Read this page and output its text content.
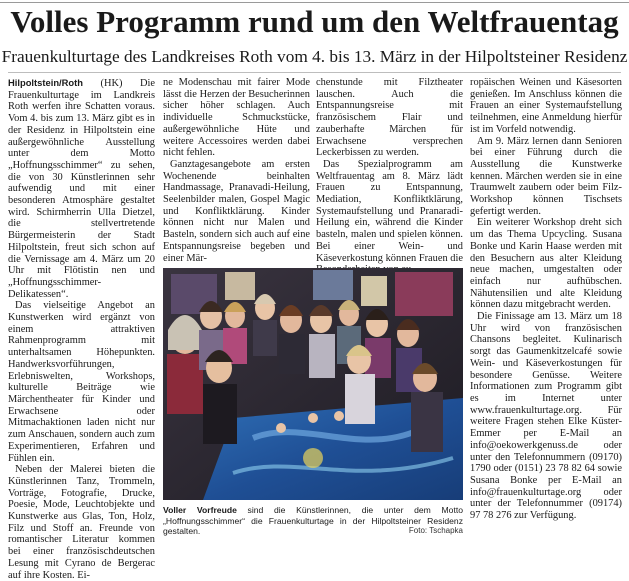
Volles Programm rund um den Weltfrauentag
Frauenkulturtage des Landkreises Roth vom 4. bis 13. März in der Hilpoltsteiner Residenz

Hilpoltstein/Roth (HK) Die Frauenkulturtage im Landkreis Roth werfen ihre Schatten voraus. Vom 4. bis zum 13. März gibt es in der Residenz in Hilpoltstein eine außergewöhnliche Ausstellung unter dem Motto „Hoffnungsschimmer“ zu sehen, die von 30 Künstlerinnen sehr aufwendig und mit einer besonderen Atmosphäre gestaltet wird. Schirmherrin Ulla Dietzel, die stellvertretende Bürgermeisterin der Stadt Hilpoltstein, freut sich schon auf die Vernissage am 4. März um 20 Uhr mit Flötistin nen und „Hoffnungsschimmer-Delikatessen“.

Das vielseitige Angebot an Kunstwerken wird ergänzt von einem attraktiven Rahmenprogramm mit unterhaltsamen Höhepunkten. Handwerksvorführungen, Erlebniswelten, Workshops, kulturelle Beiträge wie Märchentheater für Kinder und Erwachsene oder Mitmachaktionen laden nicht nur zum Anschauen, sondern auch zum Experimentieren, Erfahren und Fühlen ein.

Neben der Malerei bieten die Künstlerinnen Tanz, Trommeln, Vorträge, Fotografie, Drucke, Poesie, Mode, Leuchtobjekte und Kunstwerke aus Glas, Ton, Holz, Filz und Stoff an. Freunde von romantischer Literatur kommen bei einer französischdeutschen Lesung mit Cyrano de Bergerac auf ihre Kosten. Ei-

ne Modenschau mit fairer Mode lässt die Herzen der Besucherinnen sicher höher schlagen. Auch individuelle Schmuckstücke, außergewöhnliche Hüte und weitere Accessoires werden dabei nicht fehlen.

Ganztagesangebote am ersten Wochenende beinhalten Handmassage, Pranavadi-Heilung, Seelenbilder malen, Gospel Magic und Konfliktklärung. Kinder können nicht nur Malen und Basteln, sondern sich auch auf eine Entspannungsreise begeben und einer Mär-

chenstunde mit Filztheater lauschen. Auch die Entspannungsreise mit französischem Flair und zauberhafte Märchen für Erwachsene versprechen Leckerbissen zu werden.

Das Spezialprogramm am Weltfrauentag am 8. März lädt Frauen zu Entspannung, Mediation, Konfliktklärung, Systemaufstellung und Pranaradi-Heilung ein, während die Kinder basteln, malen und spielen können. Bei einer Wein- und Käseverkostung können Frauen die

ropäischen Weinen und Käsesorten genießen. Im Anschluss können die Frauen an einer Systemaufstellung teilnehmen, eine Anmeldung hierfür ist im Vorfeld notwendig.

Am 9. März lernen dann Senioren bei einer Führung durch die Ausstellung die Kunstwerke kennen. Märchen werden sie in eine Traumwelt zaubern oder beim Filz-Workshop können Tischsets gefertigt werden.

Ein weiterer Workshop dreht sich um das Thema Upcycling. Susana Bonke und Karin Haase werden mit den Besuchern aus alter Kleidung neue machen, umgestalten oder einfach nur aufhübschen. Nähutensilien und alte Kleidung können dazu mitgebracht werden.

Die Finissage am 13. März um 18 Uhr wird von französischen Chansons begleitet. Kulinarisch sorgt das Gaumenkitzelcafé sowie Wein- und Käseverkostungen für besondere Genüsse. Weitere Informationen zum Programm gibt es im Internet unter www.frauenkulturtage.org. Für weitere Fragen stehen Elke Küster-Emmer per E-Mail an info@oekowerkgenuss.de oder unter den Telefonnummern (09170) 1790 oder (0151) 23 78 82 64 sowie Susana Bonke per E-Mail an info@frauenkulturtage.org oder unter der Telefonnummer (09174) 97 78 276 zur Verfügung.

Voller Vorfreude sind die Künstlerinnen, die unter dem Motto „Hoffnungsschimmer“ die Frauenkulturtage in der Hilpoltsteiner Residenz gestalten.	Foto: Tschapka
